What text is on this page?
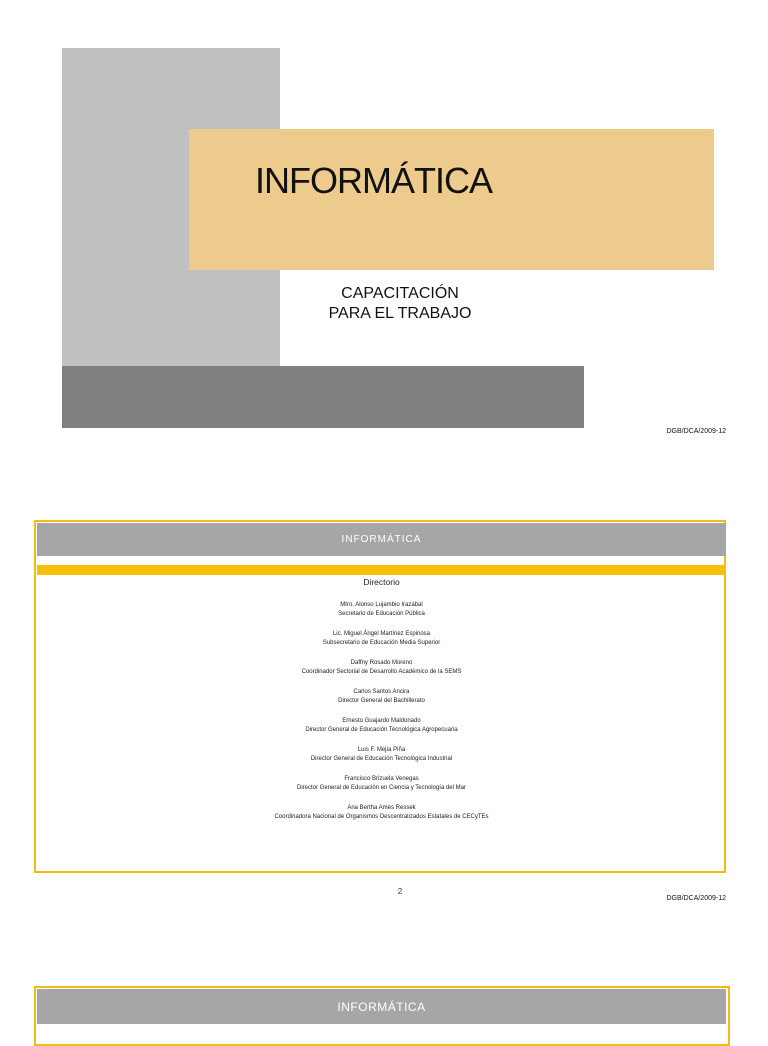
INFORMÁTICA
CAPACITACIÓN
PARA EL TRABAJO
DGB/DCA/2009-12
INFORMÁTICA
Directorio
Mtro. Alonso Lujambio Irazábal
Secretario de Educación Pública
Lic. Miguel Ángel Martínez Espinosa
Subsecretario de Educación Media Superior
Daffny Rosado Moreno
Coordinador Sectorial de Desarrollo Académico de la SEMS
Carlos Santos Ancira
Director General del Bachillerato
Ernesto Guajardo Maldonado
Director General de Educación Tecnológica Agropecuaria
Luis F. Mejía Piña
Director General de Educación Tecnológica Industrial
Francisco Brizuela Venegas
Director General de Educación en Ciencia y Tecnología del Mar
Ana Bertha Ames Ressek
Coordinadora Nacional de Organismos Descentralizados Estatales de CECyTEs
2
DGB/DCA/2009-12
INFORMÁTICA
